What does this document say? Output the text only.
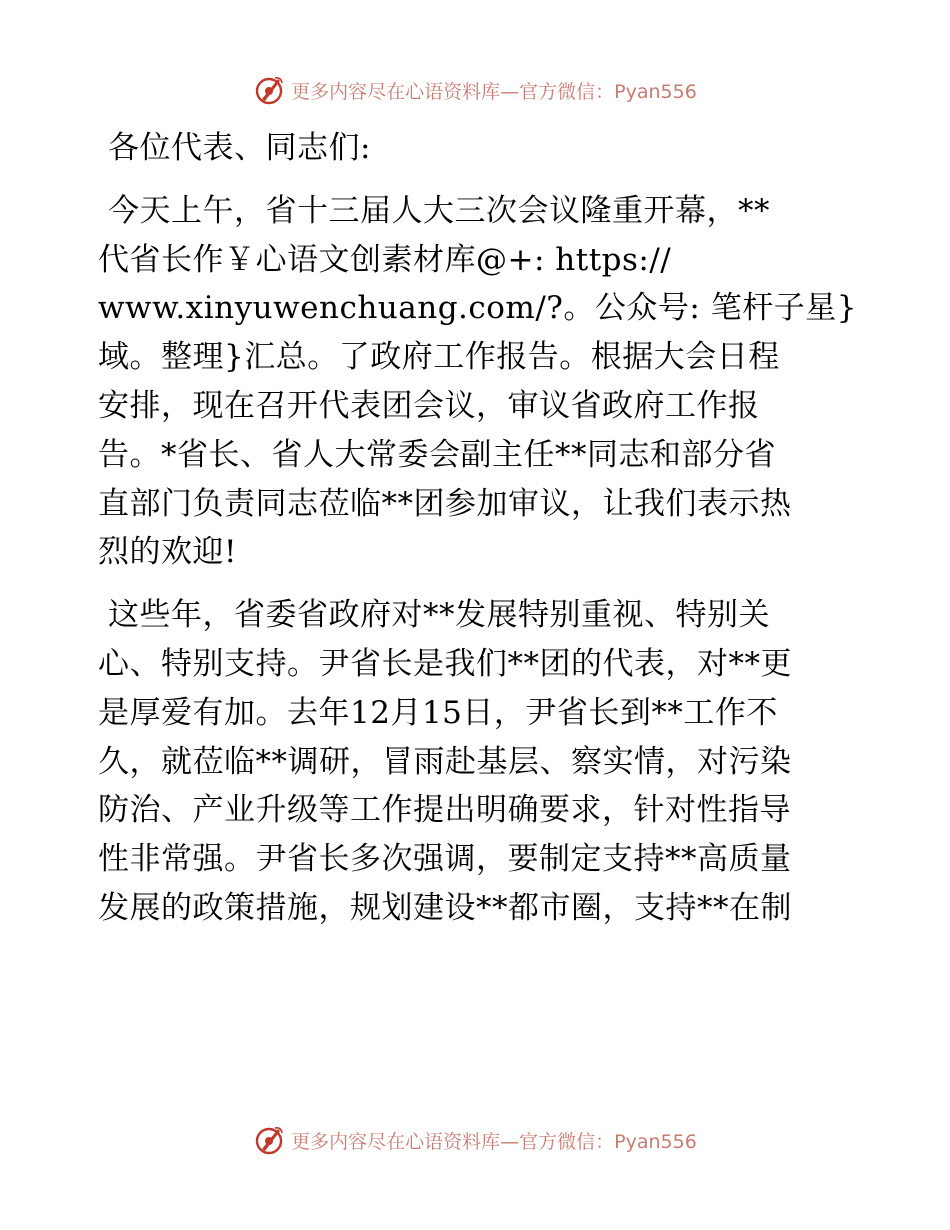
更多内容尽在心语资料库—官方微信：Pyan556

各位代表、同志们:

今天上午，省十三届人大三次会议隆重开幕，**
代省长作￥心语文创素材库@+: https://
www.xinyuwenchuang.com/?。公众号: 笔杆子星}
域。整理}汇总。了政府工作报告。根据大会日程
安排，现在召开代表团会议，审议省政府工作报
告。*省长、省人大常委会副主任**同志和部分省
直部门负责同志莅临**团参加审议，让我们表示热
烈的欢迎!

这些年，省委省政府对**发展特别重视、特别关
心、特别支持。尹省长是我们**团的代表，对**更
是厚爱有加。去年12月15日，尹省长到**工作不
久，就莅临**调研，冒雨赴基层、察实情，对污染
防治、产业升级等工作提出明确要求，针对性指导
性非常强。尹省长多次强调，要制定支持**高质量
发展的政策措施，规划建设**都市圈，支持**在制

更多内容尽在心语资料库—官方微信：Pyan556
